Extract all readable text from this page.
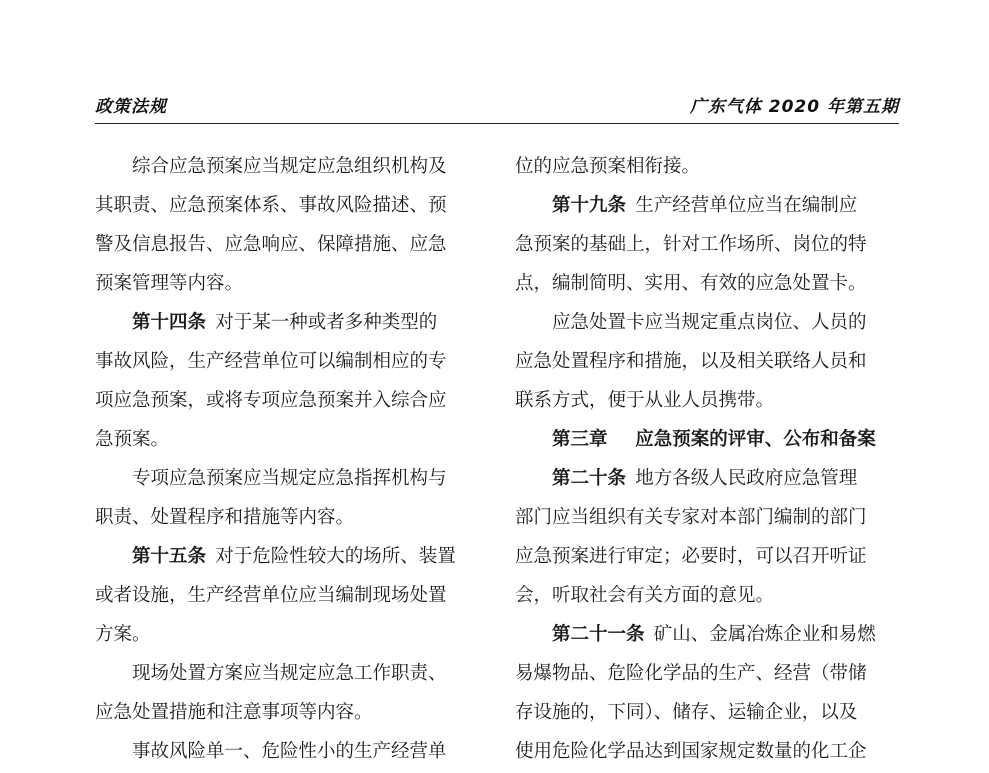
政策法规	广东气体 2020 年第五期
综合应急预案应当规定应急组织机构及
其职责、应急预案体系、事故风险描述、预
警及信息报告、应急响应、保障措施、应急
预案管理等内容。
第十四条  对于某一种或者多种类型的
事故风险，生产经营单位可以编制相应的专
项应急预案，或将专项应急预案并入综合应
急预案。
专项应急预案应当规定应急指挥机构与
职责、处置程序和措施等内容。
第十五条  对于危险性较大的场所、装置
或者设施，生产经营单位应当编制现场处置
方案。
现场处置方案应当规定应急工作职责、
应急处置措施和注意事项等内容。
事故风险单一、危险性小的生产经营单
位的应急预案相衔接。
第十九条  生产经营单位应当在编制应
急预案的基础上，针对工作场所、岗位的特
点，编制简明、实用、有效的应急处置卡。
应急处置卡应当规定重点岗位、人员的
应急处置程序和措施，以及相关联络人员和
联系方式，便于从业人员携带。
第三章   应急预案的评审、公布和备案
第二十条  地方各级人民政府应急管理
部门应当组织有关专家对本部门编制的部门
应急预案进行审定；必要时，可以召开听证
会，听取社会有关方面的意见。
第二十一条  矿山、金属冶炼企业和易燃
易爆物品、危险化学品的生产、经营（带储
存设施的，下同）、储存、运输企业，以及
使用危险化学品达到国家规定数量的化工企
